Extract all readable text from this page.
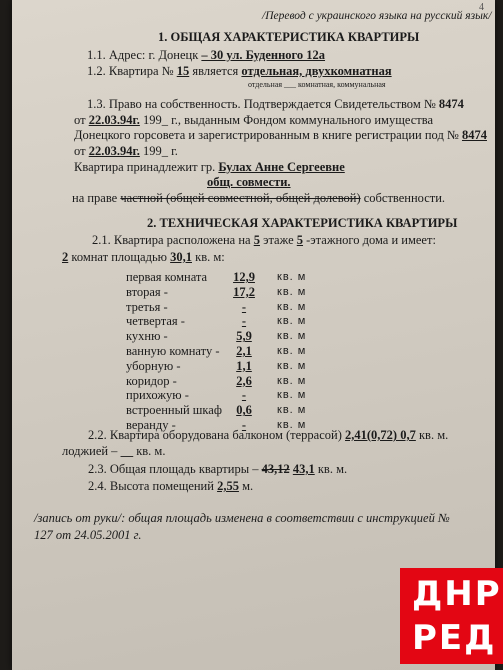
4
/Перевод с украинского языка на русский язык/
1. ОБЩАЯ ХАРАКТЕРИСТИКА КВАРТИРЫ
1.1. Адрес: г. Донецк – 30 ул. Буденного 12а
1.2. Квартира № 15 является отдельная, двухкомнатная
отдельная ___ комнатная, коммунальная
1.3. Право на собственность. Подтверждается Свидетельством № 8474
от 22.03.94г. 199_ г., выданным Фондом коммунального имущества
Донецкого горсовета и зарегистрированным в книге регистрации под № 8474
от 22.03.94г. 199_ г.
Квартира принадлежит гр. Булах Анне Сергеевне
общ. совмести.
на праве частной (общей совместной, общей долевой) собственности.
2. ТЕХНИЧЕСКАЯ ХАРАКТЕРИСТИКА КВАРТИРЫ
2.1. Квартира расположена на 5 этаже 5 -этажного дома и имеет:
2 комнат площадью 30,1 кв. м:
первая комната 12,9 кв. м
вторая -	17,2 кв. м
третья -	-	кв. м
четвертая -	-	кв. м
кухню -	5,9	кв. м
ванную комнату -	2,1	кв. м
уборную -	1,1	кв. м
коридор -	2,6	кв. м
прихожую -	-	кв. м
встроенный шкаф	0,6	кв. м
веранду -	-	кв. м
2.2. Квартира оборудована балконом (террасой) 2,41(0,72) 0,7 кв. м.
лоджией – __ кв. м.
2.3. Общая площадь квартиры – 43,12 43,1 кв. м.
2.4. Высота помещений 2,55 м.
/запись от руки/: общая площадь изменена в соответствии с инструкцией №
127 от 24.05.2001 г.
ДНР
РЕД
